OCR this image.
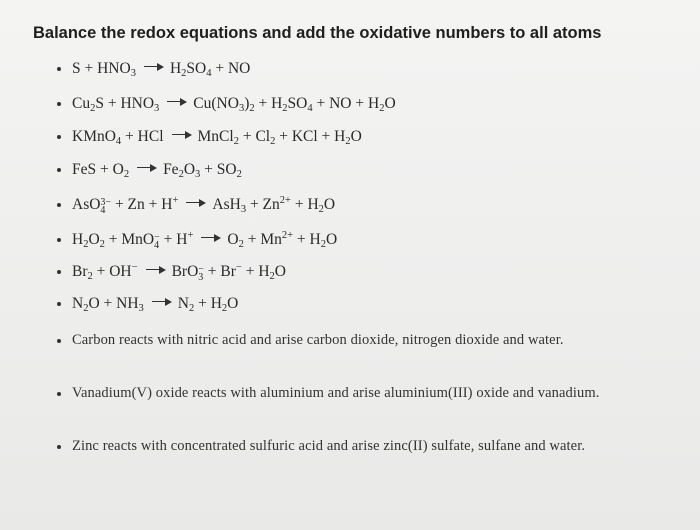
Balance the redox equations and add the oxidative numbers to all atoms
$S + HNO_3$ $H_2SO_4$ + NO
$Cu_2S + HNO_3$ $Cu(NO_3)_2 + H_2SO_4$ + NO + $H_2O$
KMnO$_4$ + HCl MnCl$_2$ + $Cl_2$ + KCl + $H_2O$
FeS + $O_2$ $Fe_2O_3 + SO_2$
AsO 3−
4 + Zn + H+ $AsH_3 + Zn^{2+} + H_2O$
$H_2O_2$ + MnO −
4 + H+ $O_2 + Mn^{2+} + H_2O$
$Br_2 + OH^-$ BrO −
$3 + Br^- + H_2O$
$N_2O + NH_3$ $N_2 + H_2O$
Carbon reacts with nitric acid and arise carbon dioxide, nitrogen dioxide and water.
Vanadium(V) oxide reacts with aluminium and arise aluminium(III) oxide and vanadium.
Zinc reacts with concentrated sulfuric acid and arise zinc(II) sulfate, sulfane and water.
